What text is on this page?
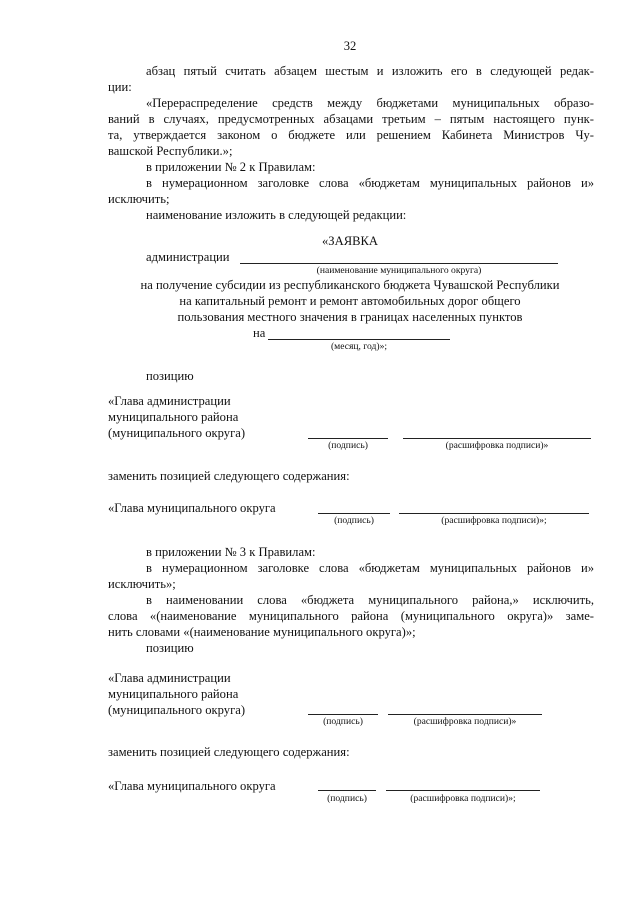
32
абзац пятый считать абзацем шестым и изложить его в следующей редак-
ции:
«Перераспределение средств между бюджетами муниципальных образо-
ваний в случаях, предусмотренных абзацами третьим – пятым настоящего пунк-
та, утверждается законом о бюджете или решением Кабинета Министров Чу-
вашской Республики.»;
в приложении № 2 к Правилам:
в нумерационном заголовке слова «бюджетам муниципальных районов и»
исключить;
наименование изложить в следующей редакции:
«ЗАЯВКА
администрации
(наименование муниципального округа)
на получение субсидии из республиканского бюджета Чувашской Республики
на капитальный ремонт и ремонт автомобильных дорог общего
пользования местного значения в границах населенных пунктов
на
(месяц, год)»;
позицию
«Глава администрации
муниципального района
(муниципального округа)
(подпись)	(расшифровка подписи)»
заменить позицией следующего содержания:
«Глава муниципального округа
(подпись)	(расшифровка подписи)»;
в приложении № 3 к Правилам:
в нумерационном заголовке слова «бюджетам муниципальных районов и»
исключить»;
в наименовании слова «бюджета муниципального района,» исключить,
слова «(наименование муниципального района (муниципального округа)» заме-
нить словами «(наименование муниципального округа)»;
позицию
«Глава администрации
муниципального района
(муниципального округа)
(подпись)	(расшифровка подписи)»
заменить позицией следующего содержания:
«Глава муниципального округа
(подпись)	(расшифровка подписи)»;
